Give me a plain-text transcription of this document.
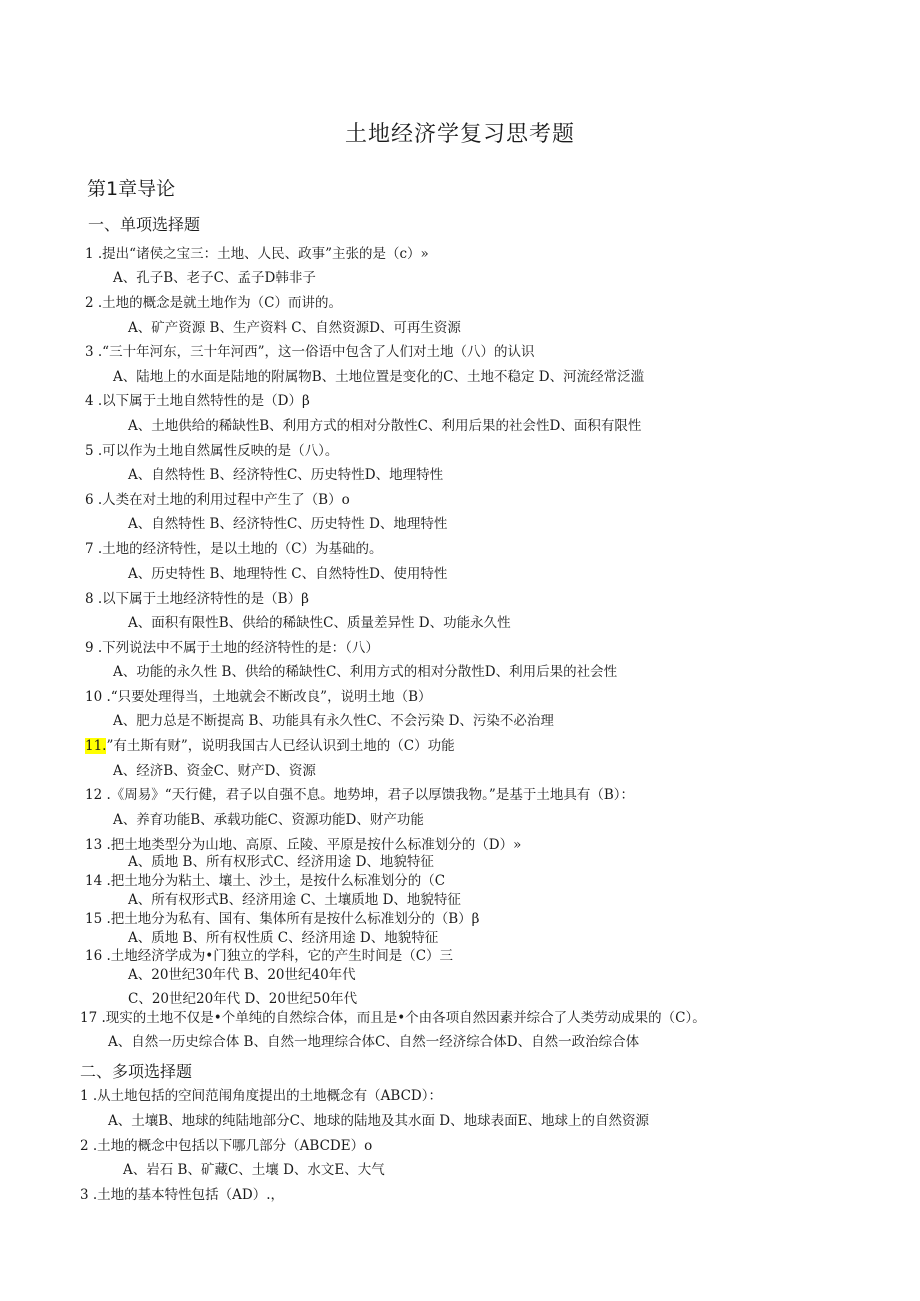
土地经济学复习思考题
第1章导论
一、单项选择题
1 .提出“诸侯之宝三：土地、人民、政事”主张的是（c）»
A、孔子B、老子C、孟子D韩非子
2 .土地的概念是就土地作为（C）而讲的。
A、矿产资源 B、生产资料 C、自然资源D、可再生资源
3 .“三十年河东，三十年河西”，这一俗语中包含了人们对土地（八）的认识
A、陆地上的水面是陆地的附属物B、土地位置是变化的C、土地不稳定 D、河流经常泛滥
4 .以下属于土地自然特性的是（D）β
A、土地供给的稀缺性B、利用方式的相对分散性C、利用后果的社会性D、面积有限性
5 .可以作为土地自然属性反映的是（八）。
A、自然特性 B、经济特性C、历史特性D、地理特性
6 .人类在对土地的利用过程中产生了（B）o
A、自然特性 B、经济特性C、历史特性 D、地理特性
7 .土地的经济特性，是以土地的（C）为基础的。
A、历史特性 B、地理特性 C、自然特性D、使用特性
8 .以下属于土地经济特性的是（B）β
A、面积有限性B、供给的稀缺性C、质量差异性 D、功能永久性
9 .下列说法中不属于土地的经济特性的是：（八）
A、功能的永久性 B、供给的稀缺性C、利用方式的相对分散性D、利用后果的社会性
10 .“只要处理得当，土地就会不断改良”，说明土地（B）
A、肥力总是不断提高 B、功能具有永久性C、不会污染 D、污染不必治理
11.”有土斯有财”，说明我国古人已经认识到土地的（C）功能
A、经济B、资金C、财产D、资源
12 .《周易》“天行健，君子以自强不息。地势坤，君子以厚馈我物。”是基于土地具有（B）：
A、养育功能B、承载功能C、资源功能D、财产功能
13 .把土地类型分为山地、高原、丘陵、平原是按什么标准划分的（D）»
A、质地 B、所有权形式C、经济用途 D、地貌特征
14 .把土地分为粘土、壤土、沙土，是按什么标准划分的（C
A、所有权形式B、经济用途 C、土壤质地 D、地貌特征
15 .把土地分为私有、国有、集体所有是按什么标准划分的（B）β
A、质地 B、所有权性质 C、经济用途 D、地貌特征
16 .土地经济学成为•门独立的学科，它的产生时间是（C）三
A、20世纪30年代 B、20世纪40年代
C、20世纪20年代 D、20世纪50年代
17 .现实的土地不仅是•个单纯的自然综合体，而且是•个由各项自然因素并综合了人类劳动成果的（C）。
A、自然一历史综合体 B、自然一地理综合体C、自然一经济综合体D、自然一政治综合体
二、多项选择题
1 .从土地包括的空间范闱角度提出的土地概念有（ABCD）：
A、土壤B、地球的纯陆地部分C、地球的陆地及其水面 D、地球表面E、地球上的自然资源
2 .土地的概念中包括以下哪几部分（ABCDE）o
A、岩石 B、矿藏C、土壤 D、水文E、大气
3 .土地的基本特性包括（AD）.，
